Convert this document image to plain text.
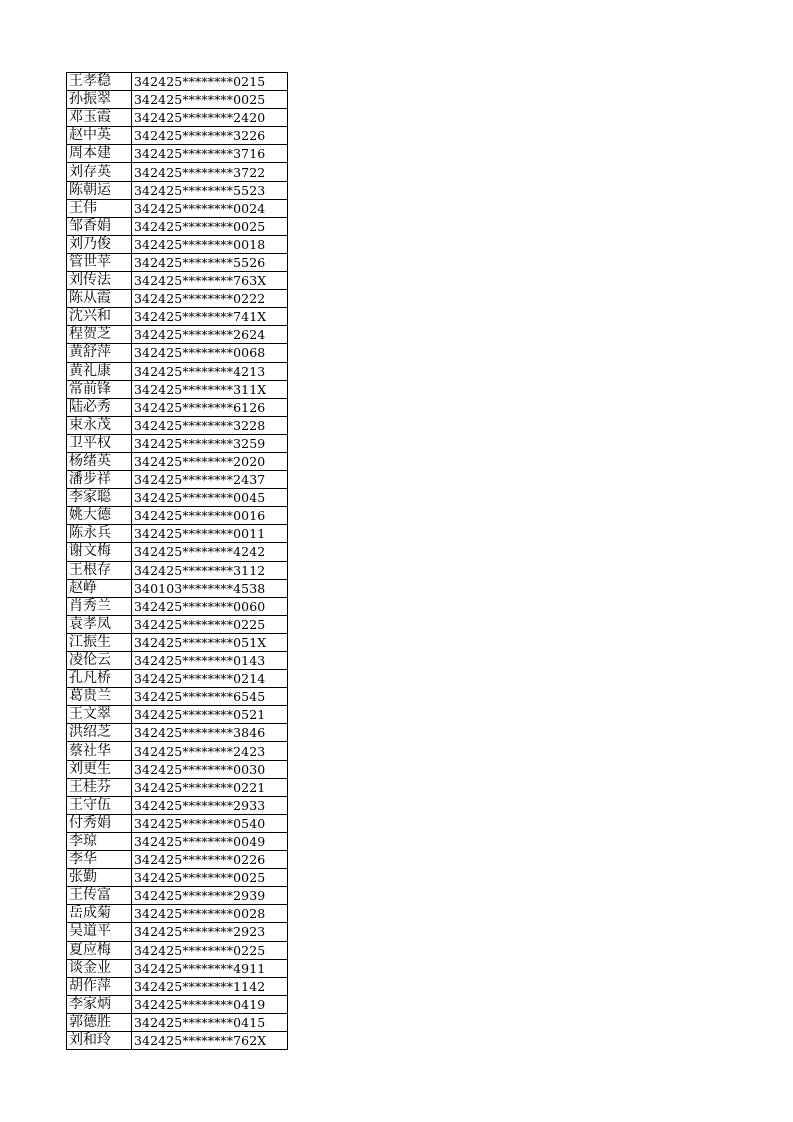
王孝稳	342425********0215
孙振翠	342425********0025
邓玉霞	342425********2420
赵中英	342425********3226
周本建	342425********3716
刘存英	342425********3722
陈朝运	342425********5523
王伟	342425********0024
邹香娟	342425********0025
刘乃俊	342425********0018
管世苹	342425********5526
刘传法	342425********763X
陈从霞	342425********0222
沈兴和	342425********741X
程贺芝	342425********2624
黄舒萍	342425********0068
黄礼康	342425********4213
常前锋	342425********311X
陆必秀	342425********6126
束永茂	342425********3228
卫平权	342425********3259
杨绪英	342425********2020
潘步祥	342425********2437
李家聪	342425********0045
姚大德	342425********0016
陈永兵	342425********0011
谢文梅	342425********4242
王根存	342425********3112
赵峥	340103********4538
肖秀兰	342425********0060
袁孝凤	342425********0225
江振生	342425********051X
凌伦云	342425********0143
孔凡桥	342425********0214
葛贵兰	342425********6545
王文翠	342425********0521
洪绍芝	342425********3846
蔡社华	342425********2423
刘更生	342425********0030
王桂芬	342425********0221
王守伍	342425********2933
付秀娟	342425********0540
李琼	342425********0049
李华	342425********0226
张勤	342425********0025
王传富	342425********2939
岳成菊	342425********0028
吴道平	342425********2923
夏应梅	342425********0225
谈金业	342425********4911
胡作萍	342425********1142
李家炳	342425********0419
郭德胜	342425********0415
刘和玲	342425********762X
